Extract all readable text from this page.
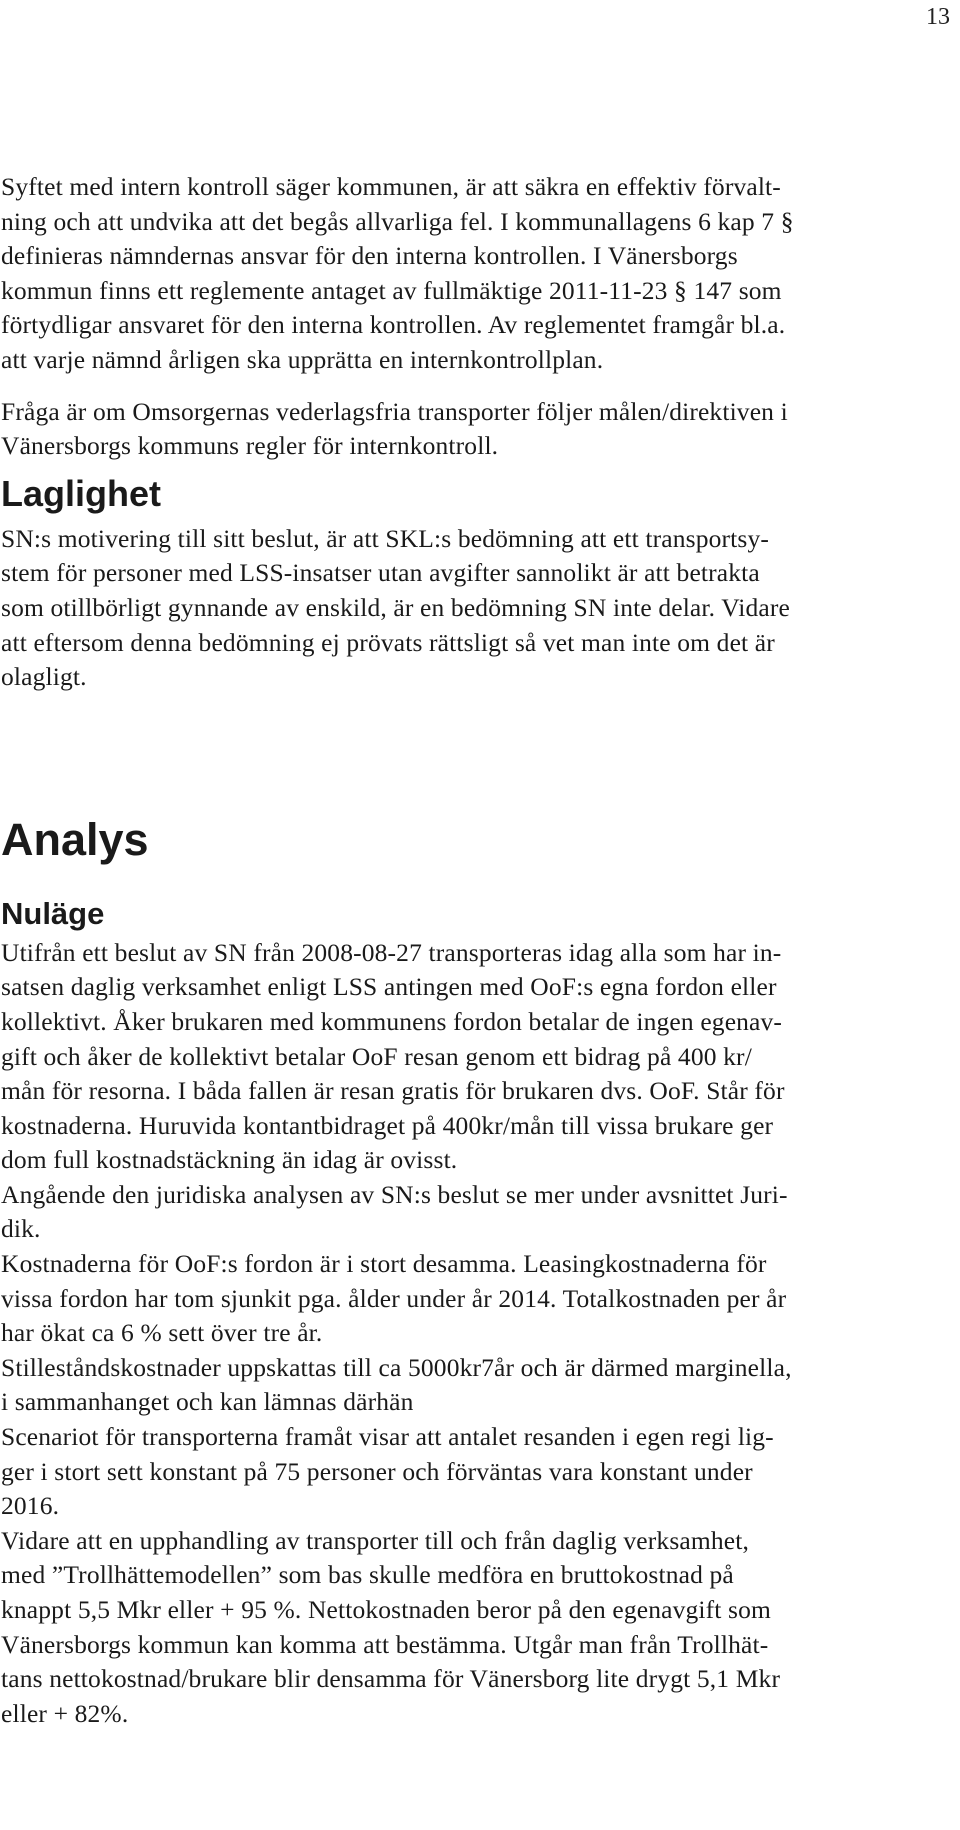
13
Syftet med intern kontroll säger kommunen, är att säkra en effektiv förvalt-
ning och att undvika att det begås allvarliga fel. I kommunallagens 6 kap 7 §
definieras nämndernas ansvar för den interna kontrollen. I Vänersborgs
kommun finns ett reglemente antaget av fullmäktige 2011-11-23 § 147 som
förtydligar ansvaret för den interna kontrollen. Av reglementet framgår bl.a.
att varje nämnd årligen ska upprätta en internkontrollplan.
Fråga är om Omsorgernas vederlagsfria transporter följer målen/direktiven i
Vänersborgs kommuns regler för internkontroll.
Laglighet
SN:s motivering till sitt beslut, är att SKL:s bedömning att ett transportsy-
stem för personer med LSS-insatser utan avgifter sannolikt är att betrakta
som otillbörligt gynnande av enskild, är en bedömning SN inte delar. Vidare
att eftersom denna bedömning ej prövats rättsligt så vet man inte om det är
olagligt.
Analys
Nuläge
Utifrån ett beslut av SN från 2008-08-27 transporteras idag alla som har in-
satsen daglig verksamhet enligt LSS antingen med OoF:s egna fordon eller
kollektivt. Åker brukaren med kommunens fordon betalar de ingen egenav-
gift och åker de kollektivt betalar OoF resan genom ett bidrag på 400 kr/
mån för resorna. I båda fallen är resan gratis för brukaren dvs. OoF. Står för
kostnaderna. Huruvida kontantbidraget på 400kr/mån till vissa brukare ger
dom full kostnadstäckning än idag är ovisst.
Angående den juridiska analysen av SN:s beslut se mer under avsnittet Juri-
dik.
Kostnaderna för OoF:s fordon är i stort desamma. Leasingkostnaderna för
vissa fordon har tom sjunkit pga. ålder under år 2014. Totalkostnaden per år
har ökat ca 6 % sett över tre år.
Stilleståndskostnader uppskattas till ca 5000kr7år och är därmed marginella,
i sammanhanget och kan lämnas därhän
Scenariot för transporterna framåt visar att antalet resanden i egen regi lig-
ger i stort sett konstant på 75 personer och förväntas vara konstant under
2016.
Vidare att en upphandling av transporter till och från daglig verksamhet,
med ”Trollhättemodellen” som bas skulle medföra en bruttokostnad på
knappt 5,5 Mkr eller + 95 %. Nettokostnaden beror på den egenavgift som
Vänersborgs kommun kan komma att bestämma. Utgår man från Trollhät-
tans nettokostnad/brukare blir densamma för Vänersborg lite drygt 5,1 Mkr
eller + 82%.
